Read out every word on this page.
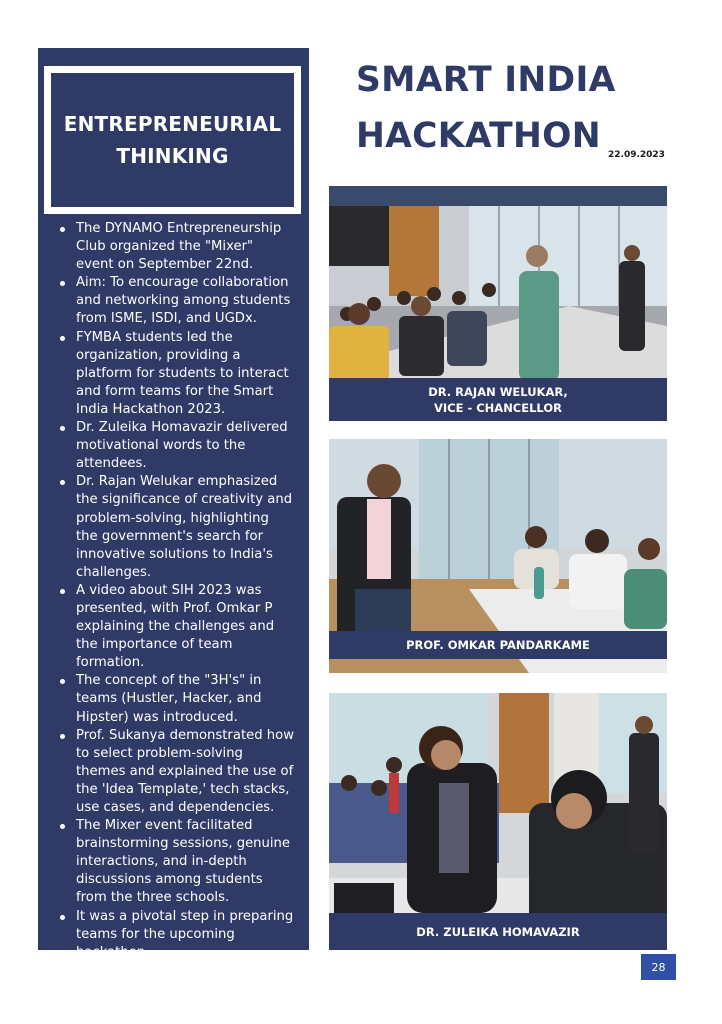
ENTREPRENEURIAL
THINKING
The DYNAMO Entrepreneurship Club organized the "Mixer" event on September 22nd.
Aim: To encourage collaboration and networking among students from ISME, ISDI, and UGDx.
FYMBA students led the organization, providing a platform for students to interact and form teams for the Smart India Hackathon 2023.
Dr. Zuleika Homavazir delivered motivational words to the attendees.
Dr. Rajan Welukar emphasized the significance of creativity and problem-solving, highlighting the government's search for innovative solutions to India's challenges.
A video about SIH 2023 was presented, with Prof. Omkar P explaining the challenges and the importance of team formation.
The concept of the "3H's" in teams (Hustler, Hacker, and Hipster) was introduced.
Prof. Sukanya demonstrated how to select problem-solving themes and explained the use of the 'Idea Template,' tech stacks, use cases, and dependencies.
The Mixer event facilitated brainstorming sessions, genuine interactions, and in-depth discussions among students from the three schools.
It was a pivotal step in preparing teams for the upcoming hackathon.
SMART INDIA
HACKATHON 22.09.2023
DR. RAJAN WELUKAR,
VICE - CHANCELLOR
PROF. OMKAR PANDARKAME
DR. ZULEIKA HOMAVAZIR
28
